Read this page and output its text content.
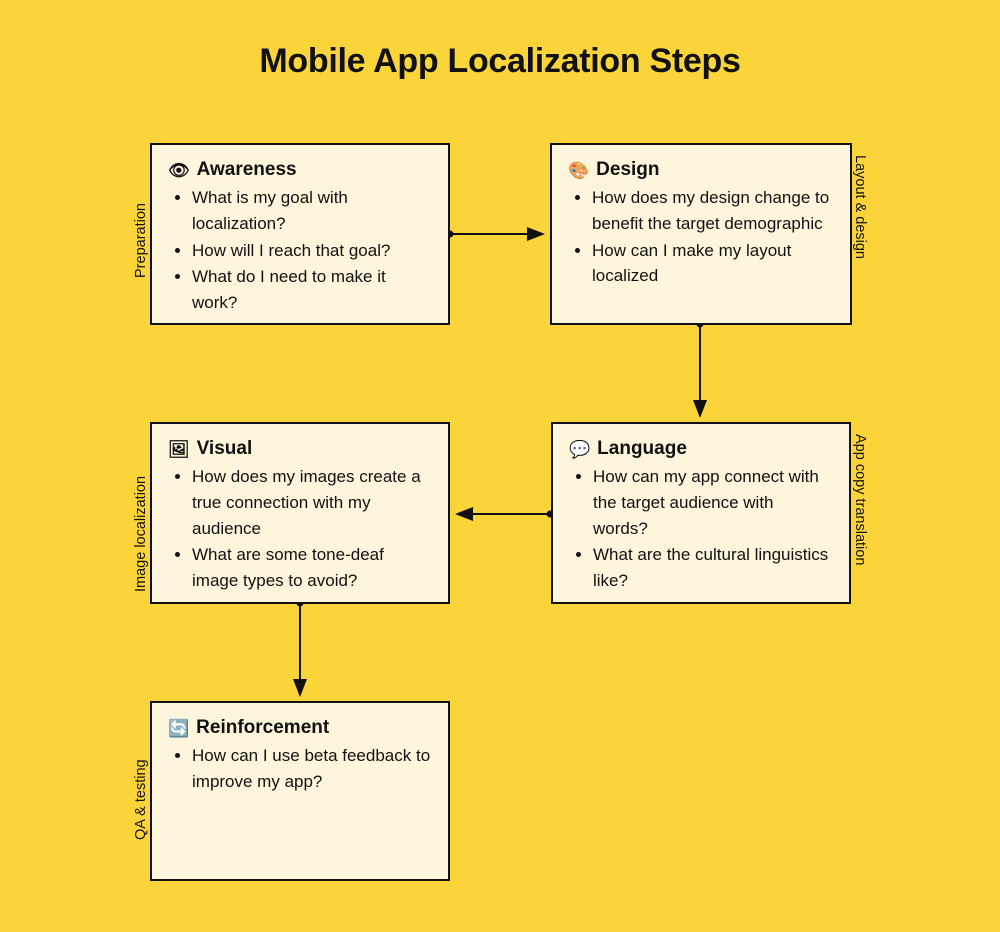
Mobile App Localization Steps
👁 Awareness
• What is my goal with localization?
• How will I reach that goal?
• What do I need to make it work?
🎨 Design
• How does my design change to benefit the target demographic
• How can I make my layout localized
🖼 Visual
• How does my images create a true connection with my audience
• What are some tone-deaf image types to avoid?
💬 Language
• How can my app connect with the target audience with words?
• What are the cultural linguistics like?
🔄 Reinforcement
• How can I use beta feedback to improve my app?
Preparation	Layout & design
Image localization	App copy translation
QA & testing
